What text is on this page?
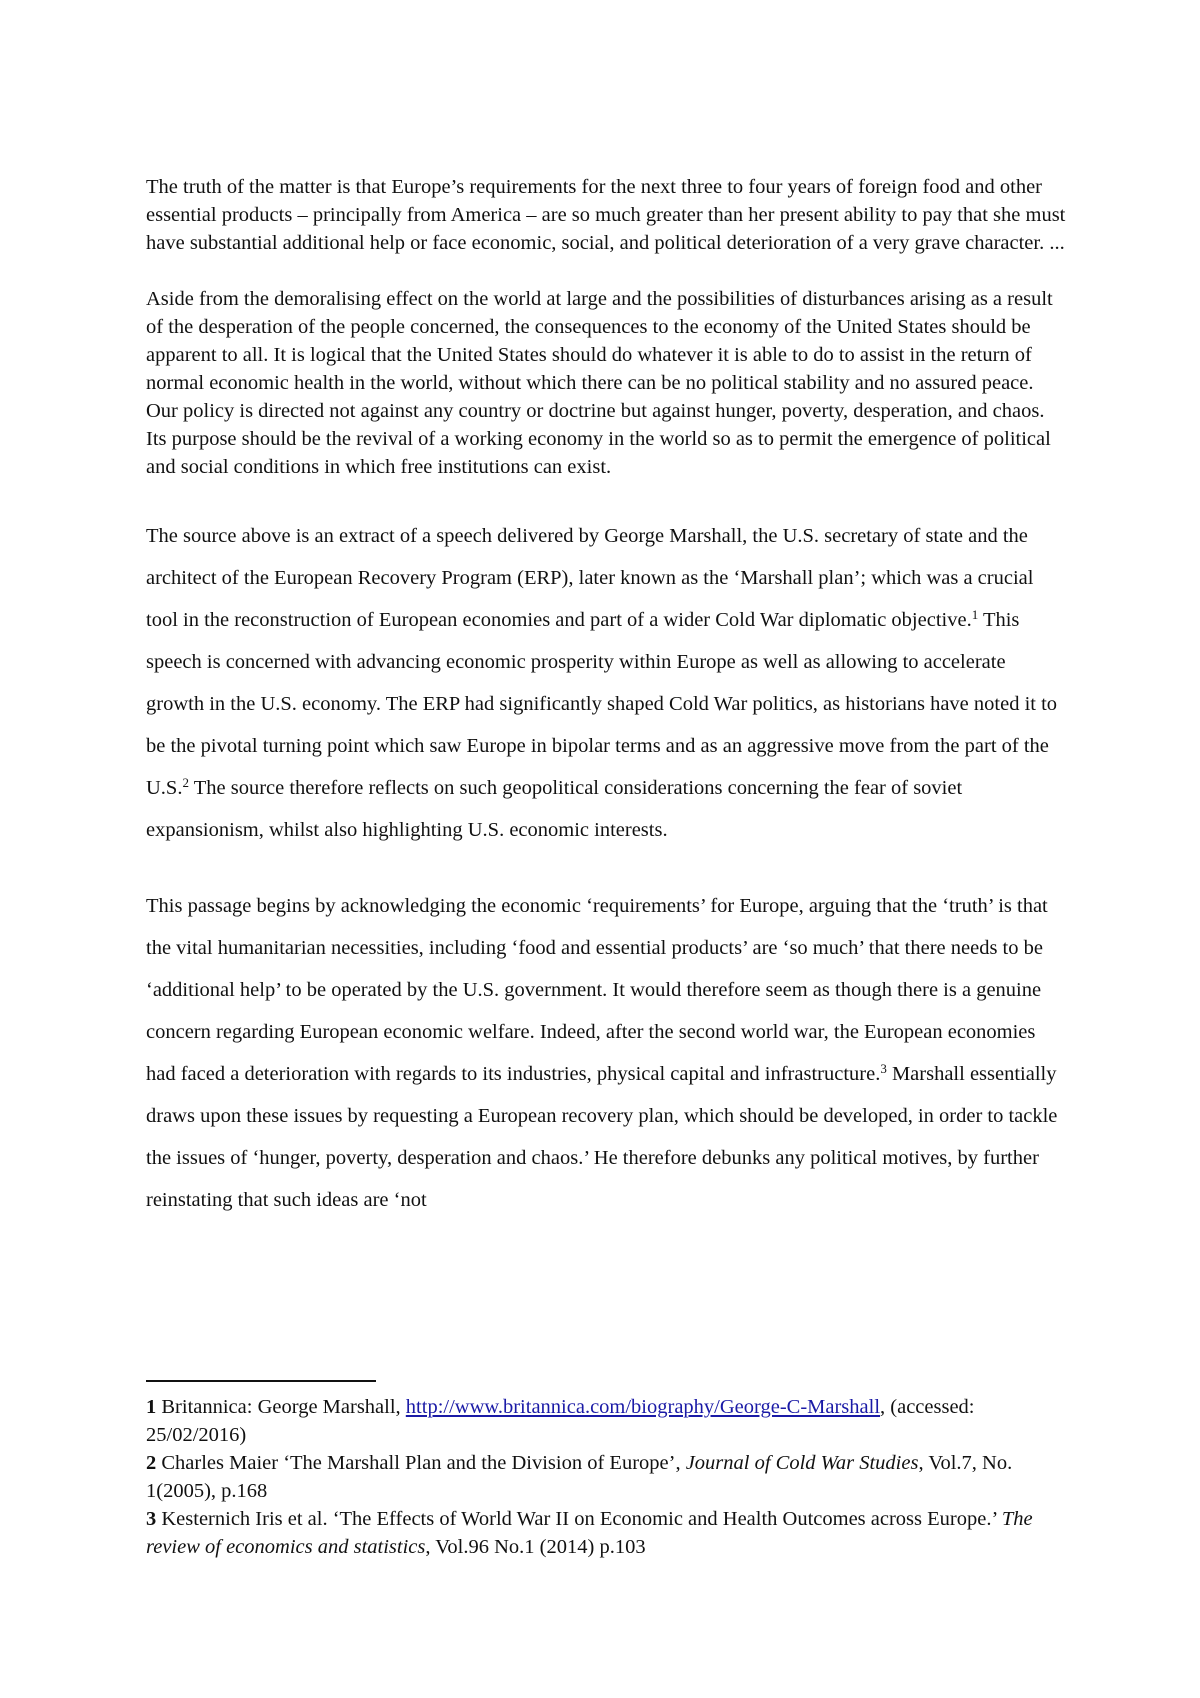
The truth of the matter is that Europe’s requirements for the next three to four years of foreign food and other essential products – principally from America – are so much greater than her present ability to pay that she must have substantial additional help or face economic, social, and political deterioration of a very grave character. ...

Aside from the demoralising effect on the world at large and the possibilities of disturbances arising as a result of the desperation of the people concerned, the consequences to the economy of the United States should be apparent to all. It is logical that the United States should do whatever it is able to do to assist in the return of normal economic health in the world, without which there can be no political stability and no assured peace. Our policy is directed not against any country or doctrine but against hunger, poverty, desperation, and chaos. Its purpose should be the revival of a working economy in the world so as to permit the emergence of political and social conditions in which free institutions can exist.

The source above is an extract of a speech delivered by George Marshall, the U.S. secretary of state and the architect of the European Recovery Program (ERP), later known as the ‘Marshall plan’; which was a crucial tool in the reconstruction of European economies and part of a wider Cold War diplomatic objective.$^1$ This speech is concerned with advancing economic prosperity within Europe as well as allowing to accelerate growth in the U.S. economy. The ERP had significantly shaped Cold War politics, as historians have noted it to be the pivotal turning point which saw Europe in bipolar terms and as an aggressive move from the part of the U.S.$^2$ The source therefore reflects on such geopolitical considerations concerning the fear of soviet expansionism, whilst also highlighting U.S. economic interests.

This passage begins by acknowledging the economic ‘requirements’ for Europe, arguing that the ‘truth’ is that the vital humanitarian necessities, including ‘food and essential products’ are ‘so much’ that there needs to be ‘additional help’ to be operated by the U.S. government. It would therefore seem as though there is a genuine concern regarding European economic welfare. Indeed, after the second world war, the European economies had faced a deterioration with regards to its industries, physical capital and infrastructure.$^3$ Marshall essentially draws upon these issues by requesting a European recovery plan, which should be developed, in order to tackle the issues of ‘hunger, poverty, desperation and chaos.’ He therefore debunks any political motives, by further reinstating that such ideas are ‘not

1 Britannica: George Marshall, http://www.britannica.com/biography/George-C-Marshall, (accessed: 25/02/2016)

2 Charles Maier ‘The Marshall Plan and the Division of Europe’, Journal of Cold War Studies, Vol.7, No. 1(2005), p.168

3 Kesternich Iris et al. ‘The Effects of World War II on Economic and Health Outcomes across Europe.’ The review of economics and statistics, Vol.96 No.1 (2014) p.103
